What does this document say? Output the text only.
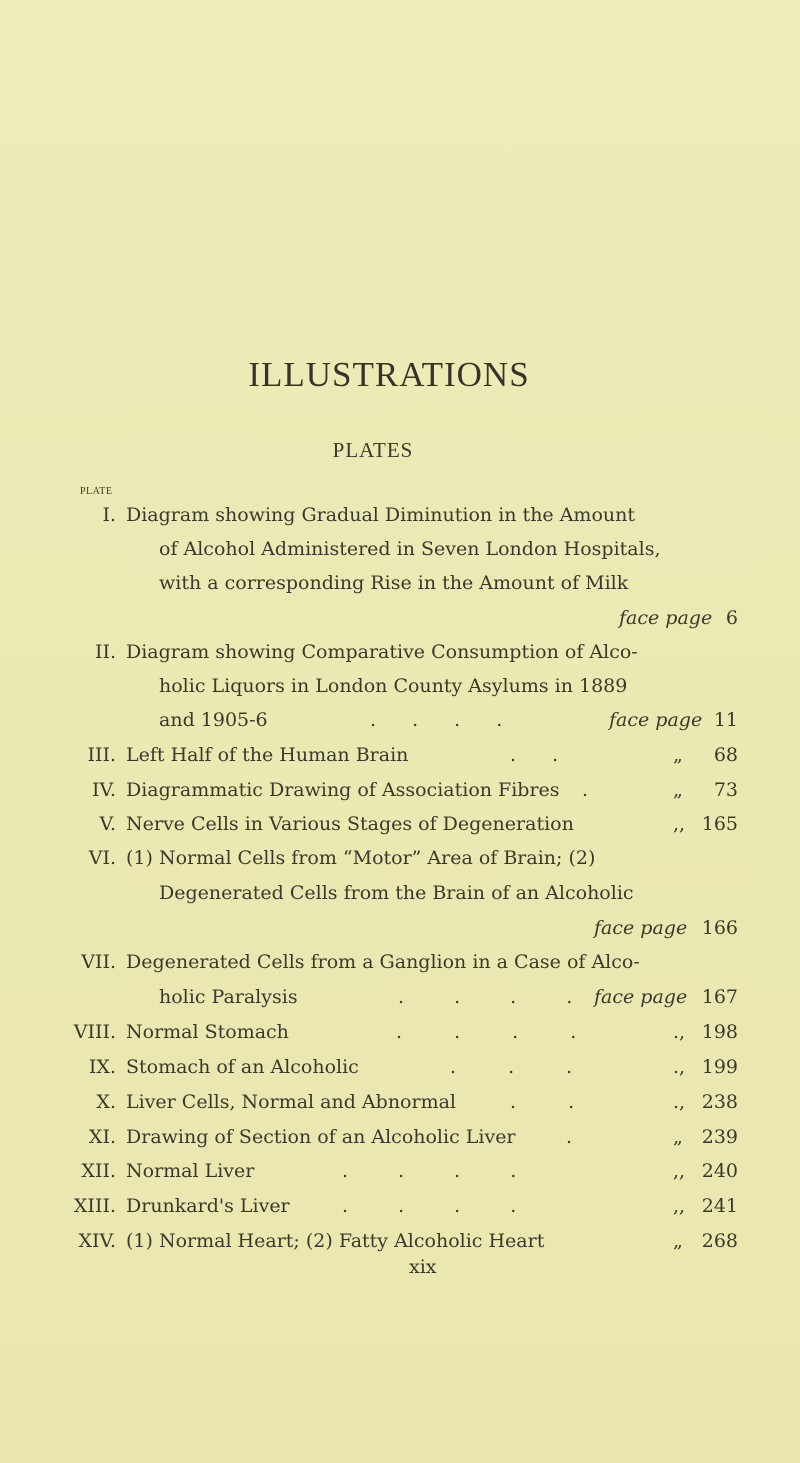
ILLUSTRATIONS
PLATES
PLATE
I. Diagram showing Gradual Diminution in the Amount
of Alcohol Administered in Seven London Hospitals,
with a corresponding Rise in the Amount of Milk
face page 6
II. Diagram showing Comparative Consumption of Alco-
holic Liquors in London County Asylums in 1889
and 1905-6	. . . .	face page 11
III. Left Half of the Human Brain	. .	„ 68
IV. Diagrammatic Drawing of Association Fibres .	„ 73
V. Nerve Cells in Various Stages of Degeneration	,, 165
VI. (1) Normal Cells from “Motor” Area of Brain; (2)
Degenerated Cells from the Brain of an Alcoholic
face page 166
VII. Degenerated Cells from a Ganglion in a Case of Alco-
holic Paralysis	. . . . face page 167
VIII. Normal Stomach	. . . .	., 198
IX. Stomach of an Alcoholic	. . .	., 199
X. Liver Cells, Normal and Abnormal	. .	., 238
XI. Drawing of Section of an Alcoholic Liver	.	„ 239
XII. Normal Liver	. . . .	,, 240
XIII. Drunkard's Liver	. . . .	,, 241
XIV. (1) Normal Heart; (2) Fatty Alcoholic Heart	„ 268
xix
